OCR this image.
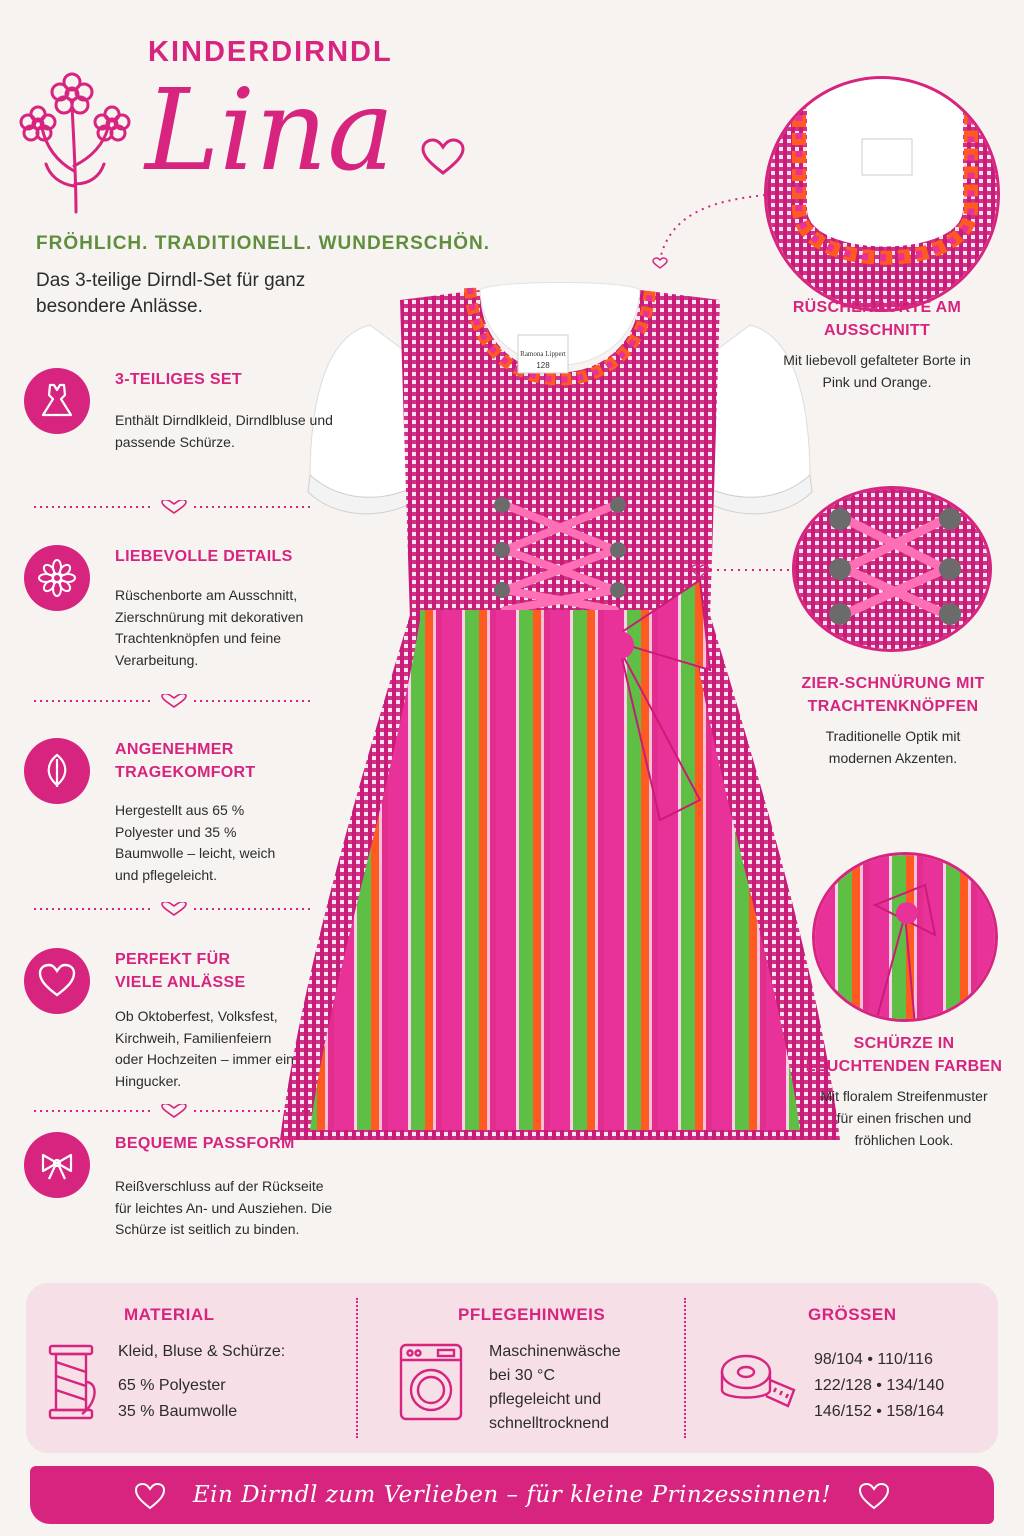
KINDERDIRNDL
Lina
FRÖHLICH. TRADITIONELL. WUNDERSCHÖN.
Das 3-teilige Dirndl-Set für ganz besondere Anlässe.
Ramona Lippert
128
3-TEILIGES SET
Enthält Dirndlkleid, Dirndlbluse und passende Schürze.
LIEBEVOLLE DETAILS
Rüschenborte am Ausschnitt, Zierschnürung mit dekorativen Trachtenknöpfen und feine Verarbeitung.
ANGENEHMER TRAGEKOMFORT
Hergestellt aus 65 % Polyester und 35 % Baumwolle – leicht, weich und pflegeleicht.
PERFEKT FÜR VIELE ANLÄSSE
Ob Oktoberfest, Volksfest, Kirchweih, Familienfeiern oder Hochzeiten – immer ein Hingucker.
BEQUEME PASSFORM
Reißverschluss auf der Rückseite für leichtes An- und Ausziehen. Die Schürze ist seitlich zu binden.
RÜSCHENBORTE AM AUSSCHNITT
Mit liebevoll gefalteter Borte in Pink und Orange.
ZIER-SCHNÜRUNG MIT TRACHTENKNÖPFEN
Traditionelle Optik mit modernen Akzenten.
SCHÜRZE IN LEUCHTENDEN FARBEN
Mit floralem Streifenmuster für einen frischen und fröhlichen Look.
MATERIAL
Kleid, Bluse & Schürze:
65 % Polyester
35 % Baumwolle
PFLEGEHINWEIS
Maschinenwäsche
bei 30 °C
pflegeleicht und
schnelltrocknend
GRÖSSEN
98/104 • 110/116
122/128 • 134/140
146/152 • 158/164
Ein Dirndl zum Verlieben – für kleine Prinzessinnen!
